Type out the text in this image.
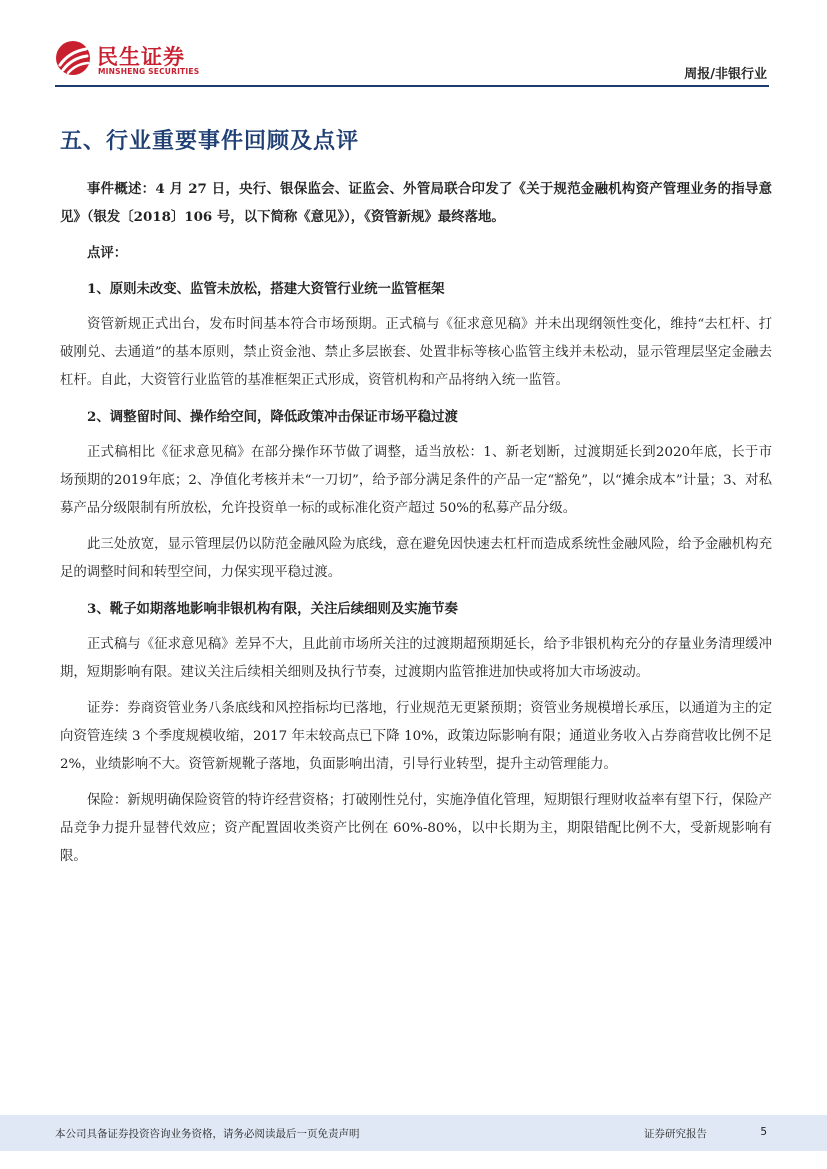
民生证券
MINSHENG SECURITIES	周报/非银行业
五、行业重要事件回顾及点评

事件概述：4 月 27 日，央行、银保监会、证监会、外管局联合印发了《关于规范金融机构资产管理业务的指导意见》（银发〔2018〕106 号，以下简称《意见》），《资管新规》最终落地。

点评：

1、原则未改变、监管未放松，搭建大资管行业统一监管框架

资管新规正式出台，发布时间基本符合市场预期。正式稿与《征求意见稿》并未出现纲领性变化，维持“去杠杆、打破刚兑、去通道”的基本原则，禁止资金池、禁止多层嵌套、处置非标等核心监管主线并未松动，显示管理层坚定金融去杠杆。自此，大资管行业监管的基准框架正式形成，资管机构和产品将纳入统一监管。

2、调整留时间、操作给空间，降低政策冲击保证市场平稳过渡

正式稿相比《征求意见稿》在部分操作环节做了调整，适当放松：1、新老划断，过渡期延长到2020年底，长于市场预期的2019年底；2、净值化考核并未“一刀切”，给予部分满足条件的产品一定“豁免”，以“摊余成本”计量；3、对私募产品分级限制有所放松，允许投资单一标的或标准化资产超过 50%的私募产品分级。

此三处放宽，显示管理层仍以防范金融风险为底线，意在避免因快速去杠杆而造成系统性金融风险，给予金融机构充足的调整时间和转型空间，力保实现平稳过渡。

3、靴子如期落地影响非银机构有限，关注后续细则及实施节奏

正式稿与《征求意见稿》差异不大，且此前市场所关注的过渡期超预期延长，给予非银机构充分的存量业务清理缓冲期，短期影响有限。建议关注后续相关细则及执行节奏，过渡期内监管推进加快或将加大市场波动。

证券：券商资管业务八条底线和风控指标均已落地，行业规范无更紧预期；资管业务规模增长承压，以通道为主的定向资管连续 3 个季度规模收缩，2017 年末较高点已下降 10%，政策边际影响有限；通道业务收入占券商营收比例不足 2%，业绩影响不大。资管新规靴子落地，负面影响出清，引导行业转型，提升主动管理能力。

保险：新规明确保险资管的特许经营资格；打破刚性兑付，实施净值化管理，短期银行理财收益率有望下行，保险产品竞争力提升显替代效应；资产配置固收类资产比例在 60%-80%，以中长期为主，期限错配比例不大，受新规影响有限。

本公司具备证券投资咨询业务资格，请务必阅读最后一页免责声明	证券研究报告	5
